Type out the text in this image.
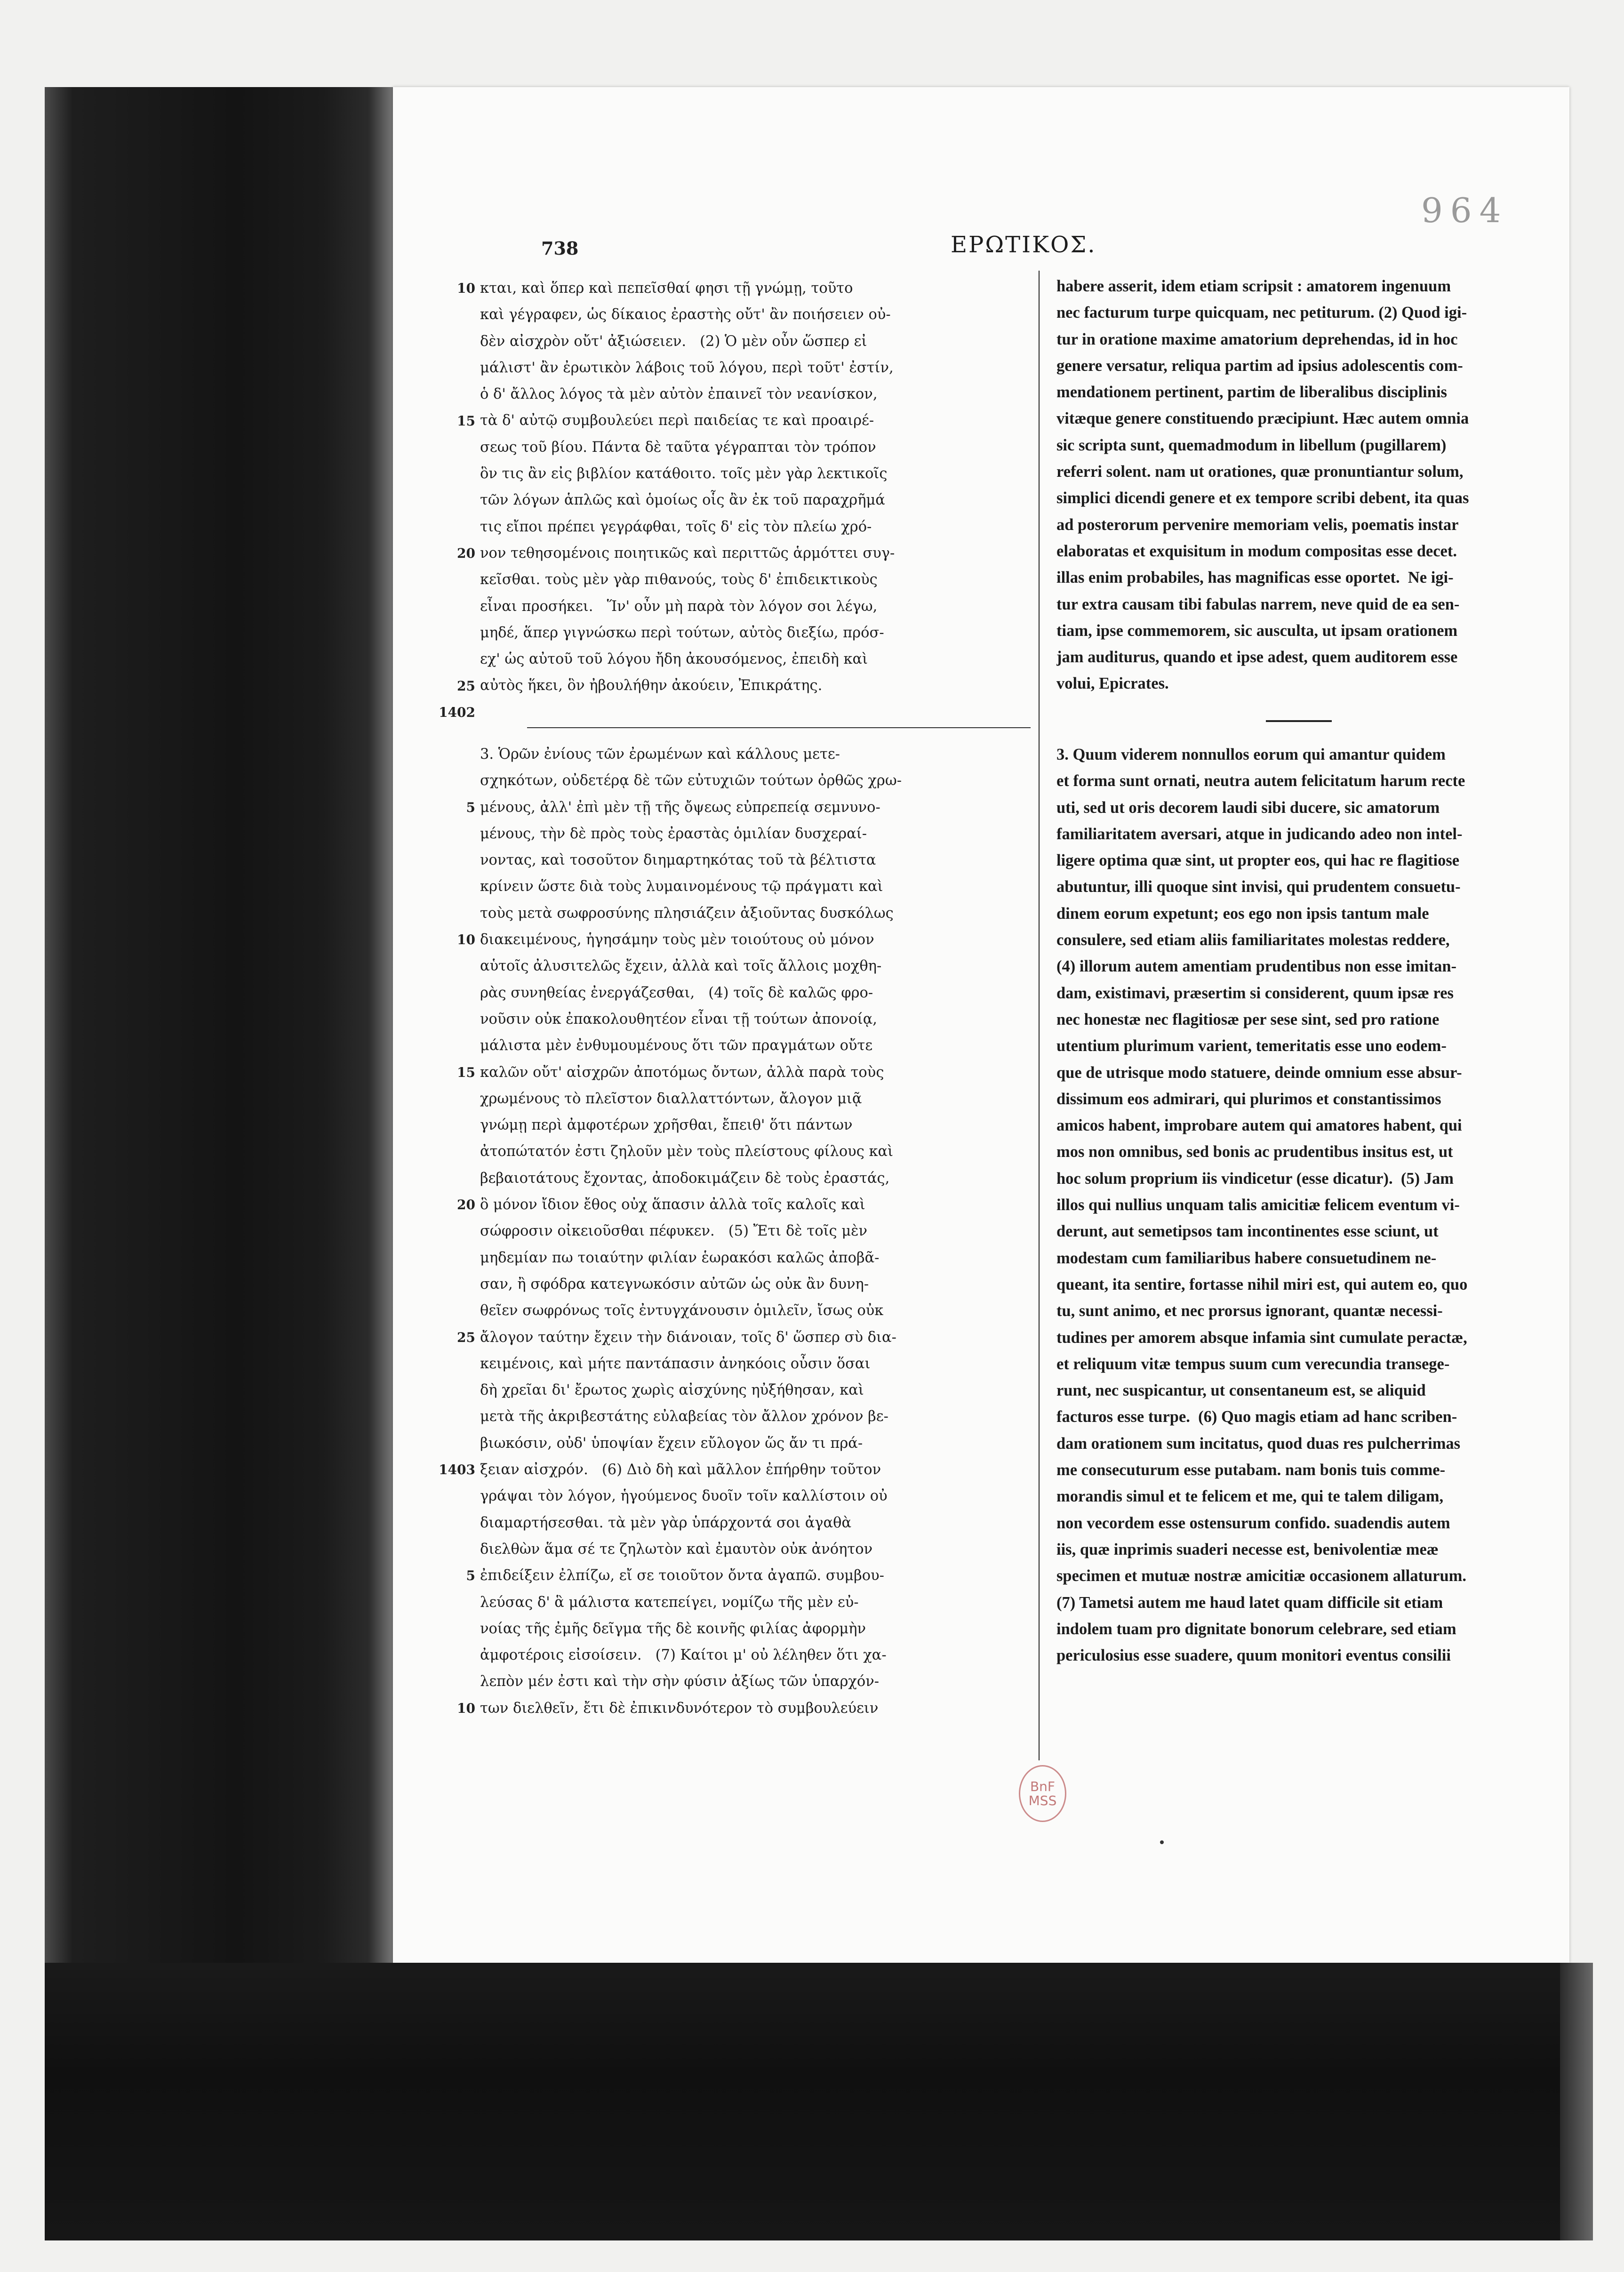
964
738	ΕΡΩΤΙΚΟΣ.
κται, καὶ ὅπερ καὶ πεπεῖσθαί φησι τῇ γνώμῃ, τοῦτο
καὶ γέγραφεν, ὡς δίκαιος ἐραστὴς οὔτ' ἂν ποιήσειεν οὐ-
δὲν αἰσχρὸν οὔτ' ἀξιώσειεν.   (2) Ὁ μὲν οὖν ὥσπερ εἰ
μάλιστ' ἂν ἐρωτικὸν λάβοις τοῦ λόγου, περὶ τοῦτ' ἐστίν,
ὁ δ' ἄλλος λόγος τὰ μὲν αὐτὸν ἐπαινεῖ τὸν νεανίσκον,
τὰ δ' αὐτῷ συμβουλεύει περὶ παιδείας τε καὶ προαιρέ-
σεως τοῦ βίου. Πάντα δὲ ταῦτα γέγραπται τὸν τρόπον
ὃν τις ἂν εἰς βιβλίον κατάθοιτο. τοῖς μὲν γὰρ λεκτικοῖς
τῶν λόγων ἁπλῶς καὶ ὁμοίως οἷς ἂν ἐκ τοῦ παραχρῆμά
τις εἴποι πρέπει γεγράφθαι, τοῖς δ' εἰς τὸν πλείω χρό-
νον τεθησομένοις ποιητικῶς καὶ περιττῶς ἁρμόττει συγ-
κεῖσθαι. τοὺς μὲν γὰρ πιθανούς, τοὺς δ' ἐπιδεικτικοὺς
εἶναι προσήκει.   Ἵν' οὖν μὴ παρὰ τὸν λόγον σοι λέγω,
μηδέ, ἅπερ γιγνώσκω περὶ τούτων, αὐτὸς διεξίω, πρόσ-
εχ' ὡς αὐτοῦ τοῦ λόγου ἤδη ἀκουσόμενος, ἐπειδὴ καὶ
αὐτὸς ἥκει, ὃν ἠβουλήθην ἀκούειν, Ἐπικράτης.
3. Ὁρῶν ἐνίους τῶν ἐρωμένων καὶ κάλλους μετε-
σχηκότων, οὐδετέρᾳ δὲ τῶν εὐτυχιῶν τούτων ὀρθῶς χρω-
μένους, ἀλλ' ἐπὶ μὲν τῇ τῆς ὄψεως εὐπρεπείᾳ σεμνυνο-
μένους, τὴν δὲ πρὸς τοὺς ἐραστὰς ὁμιλίαν δυσχεραί-
νοντας, καὶ τοσοῦτον διημαρτηκότας τοῦ τὰ βέλτιστα
κρίνειν ὥστε διὰ τοὺς λυμαινομένους τῷ πράγματι καὶ
τοὺς μετὰ σωφροσύνης πλησιάζειν ἀξιοῦντας δυσκόλως
διακειμένους, ἡγησάμην τοὺς μὲν τοιούτους οὐ μόνον
αὑτοῖς ἀλυσιτελῶς ἔχειν, ἀλλὰ καὶ τοῖς ἄλλοις μοχθη-
ρὰς συνηθείας ἐνεργάζεσθαι,   (4) τοῖς δὲ καλῶς φρο-
νοῦσιν οὐκ ἐπακολουθητέον εἶναι τῇ τούτων ἀπονοίᾳ,
μάλιστα μὲν ἐνθυμουμένους ὅτι τῶν πραγμάτων οὔτε
καλῶν οὔτ' αἰσχρῶν ἀποτόμως ὄντων, ἀλλὰ παρὰ τοὺς
χρωμένους τὸ πλεῖστον διαλλαττόντων, ἄλογον μιᾷ
γνώμῃ περὶ ἀμφοτέρων χρῆσθαι, ἔπειθ' ὅτι πάντων
ἀτοπώτατόν ἐστι ζηλοῦν μὲν τοὺς πλείστους φίλους καὶ
βεβαιοτάτους ἔχοντας, ἀποδοκιμάζειν δὲ τοὺς ἐραστάς,
ὃ μόνον ἴδιον ἔθος οὐχ ἅπασιν ἀλλὰ τοῖς καλοῖς καὶ
σώφροσιν οἰκειοῦσθαι πέφυκεν.   (5) Ἔτι δὲ τοῖς μὲν
μηδεμίαν πω τοιαύτην φιλίαν ἑωρακόσι καλῶς ἀποβᾶ-
σαν, ἢ σφόδρα κατεγνωκόσιν αὐτῶν ὡς οὐκ ἂν δυνη-
θεῖεν σωφρόνως τοῖς ἐντυγχάνουσιν ὁμιλεῖν, ἴσως οὐκ
ἄλογον ταύτην ἔχειν τὴν διάνοιαν, τοῖς δ' ὥσπερ σὺ δια-
κειμένοις, καὶ μήτε παντάπασιν ἀνηκόοις οὖσιν ὅσαι
δὴ χρεῖαι δι' ἔρωτος χωρὶς αἰσχύνης ηὐξήθησαν, καὶ
μετὰ τῆς ἀκριβεστάτης εὐλαβείας τὸν ἄλλον χρόνον βε-
βιωκόσιν, οὐδ' ὑποψίαν ἔχειν εὔλογον ὥς ἄν τι πρά-
ξειαν αἰσχρόν.   (6) Διὸ δὴ καὶ μᾶλλον ἐπήρθην τοῦτον
γράψαι τὸν λόγον, ἡγούμενος δυοῖν τοῖν καλλίστοιν οὐ
διαμαρτήσεσθαι. τὰ μὲν γὰρ ὑπάρχοντά σοι ἀγαθὰ
διελθὼν ἅμα σέ τε ζηλωτὸν καὶ ἐμαυτὸν οὐκ ἀνόητον
ἐπιδείξειν ἐλπίζω, εἴ σε τοιοῦτον ὄντα ἀγαπῶ. συμβου-
λεύσας δ' ἃ μάλιστα κατεπείγει, νομίζω τῆς μὲν εὐ-
νοίας τῆς ἐμῆς δεῖγμα τῆς δὲ κοινῆς φιλίας ἀφορμὴν
ἀμφοτέροις εἰσοίσειν.   (7) Καίτοι μ' οὐ λέληθεν ὅτι χα-
λεπὸν μέν ἐστι καὶ τὴν σὴν φύσιν ἀξίως τῶν ὑπαρχόν-
των διελθεῖν, ἔτι δὲ ἐπικινδυνότερον τὸ συμβουλεύειν
habere asserit, idem etiam scripsit : amatorem ingenuum
nec facturum turpe quicquam, nec petiturum. (2) Quod igi-
tur in oratione maxime amatorium deprehendas, id in hoc
genere versatur, reliqua partim ad ipsius adolescentis com-
mendationem pertinent, partim de liberalibus disciplinis
vitæque genere constituendo præcipiunt. Hæc autem omnia
sic scripta sunt, quemadmodum in libellum (pugillarem)
referri solent. nam ut orationes, quæ pronuntiantur solum,
simplici dicendi genere et ex tempore scribi debent, ita quas
ad posterorum pervenire memoriam velis, poematis instar
elaboratas et exquisitum in modum compositas esse decet.
illas enim probabiles, has magnificas esse oportet.  Ne igi-
tur extra causam tibi fabulas narrem, neve quid de ea sen-
tiam, ipse commemorem, sic ausculta, ut ipsam orationem
jam auditurus, quando et ipse adest, quem auditorem esse
volui, Epicrates.
3. Quum viderem nonnullos eorum qui amantur quidem
et forma sunt ornati, neutra autem felicitatum harum recte
uti, sed ut oris decorem laudi sibi ducere, sic amatorum
familiaritatem aversari, atque in judicando adeo non intel-
ligere optima quæ sint, ut propter eos, qui hac re flagitiose
abutuntur, illi quoque sint invisi, qui prudentem consuetu-
dinem eorum expetunt; eos ego non ipsis tantum male
consulere, sed etiam aliis familiaritates molestas reddere,
(4) illorum autem amentiam prudentibus non esse imitan-
dam, existimavi, præsertim si considerent, quum ipsæ res
nec honestæ nec flagitiosæ per sese sint, sed pro ratione
utentium plurimum varient, temeritatis esse uno eodem-
que de utrisque modo statuere, deinde omnium esse absur-
dissimum eos admirari, qui plurimos et constantissimos
amicos habent, improbare autem qui amatores habent, qui
mos non omnibus, sed bonis ac prudentibus insitus est, ut
hoc solum proprium iis vindicetur (esse dicatur).  (5) Jam
illos qui nullius unquam talis amicitiæ felicem eventum vi-
derunt, aut semetipsos tam incontinentes esse sciunt, ut
modestam cum familiaribus habere consuetudinem ne-
queant, ita sentire, fortasse nihil miri est, qui autem eo, quo
tu, sunt animo, et nec prorsus ignorant, quantæ necessi-
tudines per amorem absque infamia sint cumulate peractæ,
et reliquum vitæ tempus suum cum verecundia transege-
runt, nec suspicantur, ut consentaneum est, se aliquid
facturos esse turpe.  (6) Quo magis etiam ad hanc scriben-
dam orationem sum incitatus, quod duas res pulcherrimas
me consecuturum esse putabam. nam bonis tuis comme-
morandis simul et te felicem et me, qui te talem diligam,
non vecordem esse ostensurum confido. suadendis autem
iis, quæ inprimis suaderi necesse est, benivolentiæ meæ
specimen et mutuæ nostræ amicitiæ occasionem allaturum.
(7) Tametsi autem me haud latet quam difficile sit etiam
indolem tuam pro dignitate bonorum celebrare, sed etiam
periculosius esse suadere, quum monitori eventus consilii
BnF MSS
10
15
20
25
1402
5
10
15
20
25
1403
5
10
